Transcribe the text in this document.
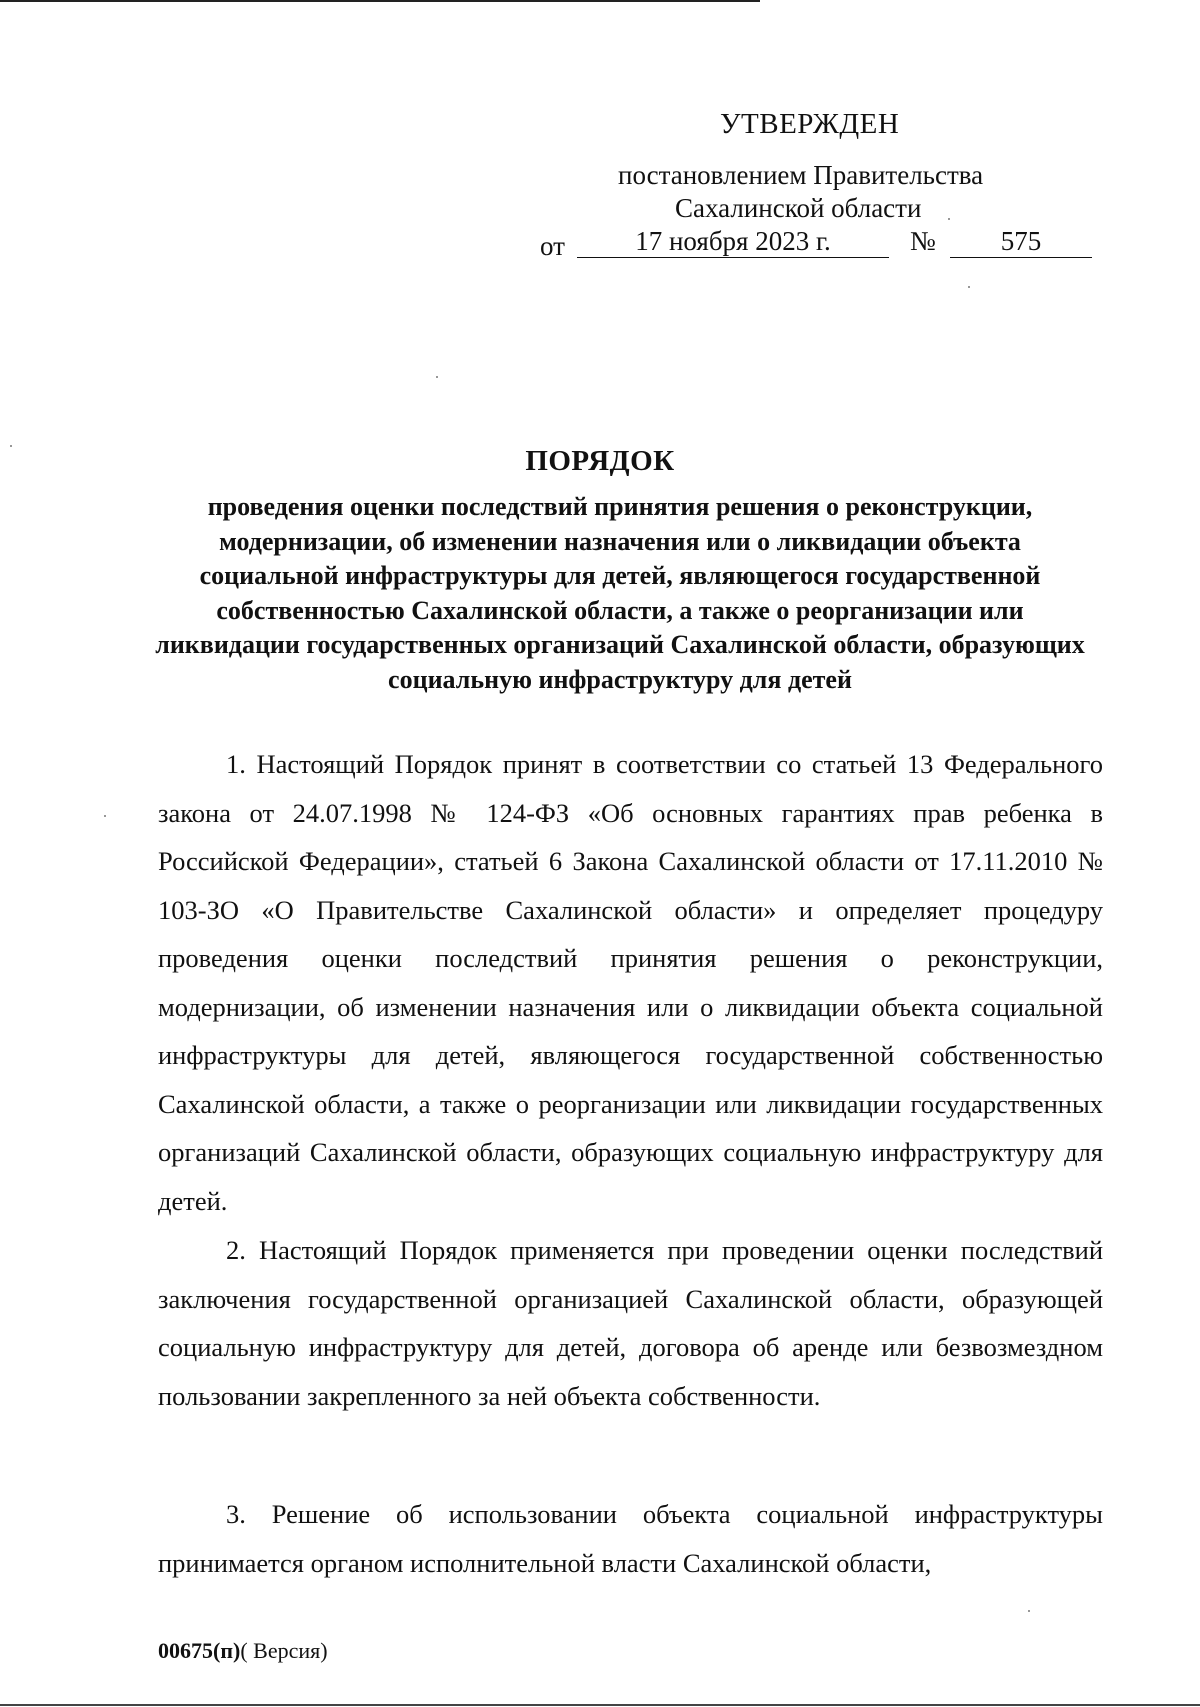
УТВЕРЖДЕН
постановлением Правительства
Сахалинской области
от	17 ноября 2023 г.	№	575
ПОРЯДОК
проведения оценки последствий принятия решения о реконструкции, модернизации, об изменении назначения или о ликвидации объекта социальной инфраструктуры для детей, являющегося государственной собственностью Сахалинской области, а также о реорганизации или ликвидации государственных организаций Сахалинской области, образующих социальную инфраструктуру для детей
1. Настоящий Порядок принят в соответствии со статьей 13 Федерального закона от 24.07.1998 № 124-ФЗ «Об основных гарантиях прав ребенка в Российской Федерации», статьей 6 Закона Сахалинской области от 17.11.2010 № 103-ЗО «О Правительстве Сахалинской области» и определяет процедуру проведения оценки последствий принятия решения о реконструкции, модернизации, об изменении назначения или о ликвидации объекта социальной инфраструктуры для детей, являющегося государственной собственностью Сахалинской области, а также о реорганизации или ликвидации государственных организаций Сахалинской области, образующих социальную инфраструктуру для детей.
2. Настоящий Порядок применяется при проведении оценки последствий заключения государственной организацией Сахалинской области, образующей социальную инфраструктуру для детей, договора об аренде или безвозмездном пользовании закрепленного за ней объекта собственности.
3. Решение об использовании объекта социальной инфраструктуры принимается органом исполнительной власти Сахалинской области,
00675(п)( Версия)
